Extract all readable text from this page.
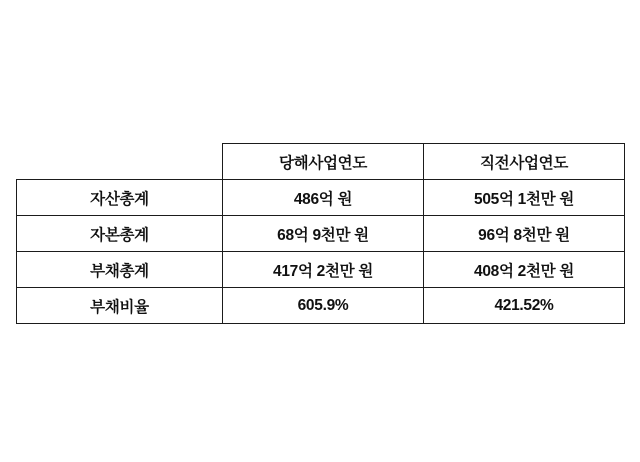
	당해사업연도	직전사업연도
자산총계	486억 원	505억 1천만 원
자본총계	68억 9천만 원	96억 8천만 원
부채총계	417억 2천만 원	408억 2천만 원
부채비율	605.9%	421.52%
